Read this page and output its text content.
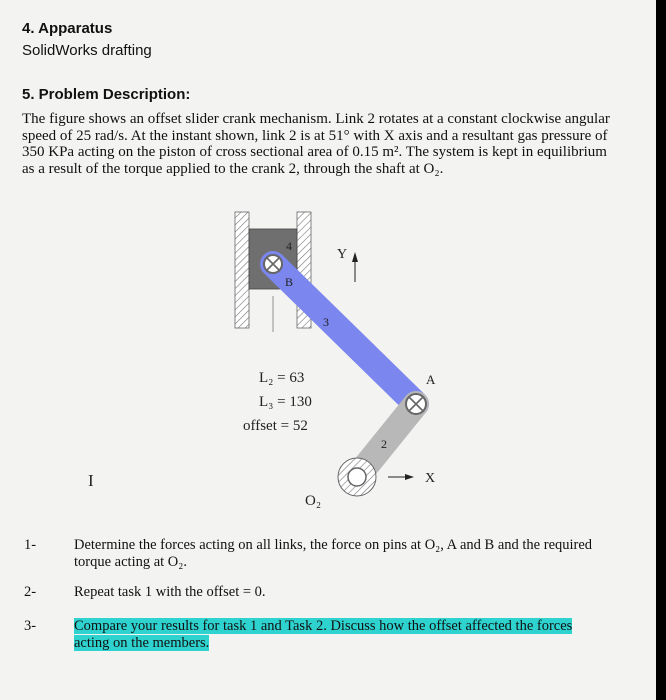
4. Apparatus
SolidWorks drafting
5. Problem Description:
The figure shows an offset slider crank mechanism. Link 2 rotates at a constant clockwise angular
speed of 25 rad/s. At the instant shown, link 2 is at 51° with X axis and a resultant gas pressure of
350 KPa acting on the piston of cross sectional area of 0.15 m². The system is kept in equilibrium
as a result of the torque applied to the crank 2, through the shaft at O₂.
4
B
3
A
2
Y
X
O₂
I
L₂ = 63
L₃ = 130
offset = 52
1-	Determine the forces acting on all links, the force on pins at O₂, A and B and the required
torque acting at O₂.
2-	Repeat task 1 with the offset = 0.
3-	Compare your results for task 1 and Task 2. Discuss how the offset affected the forces
acting on the members.
